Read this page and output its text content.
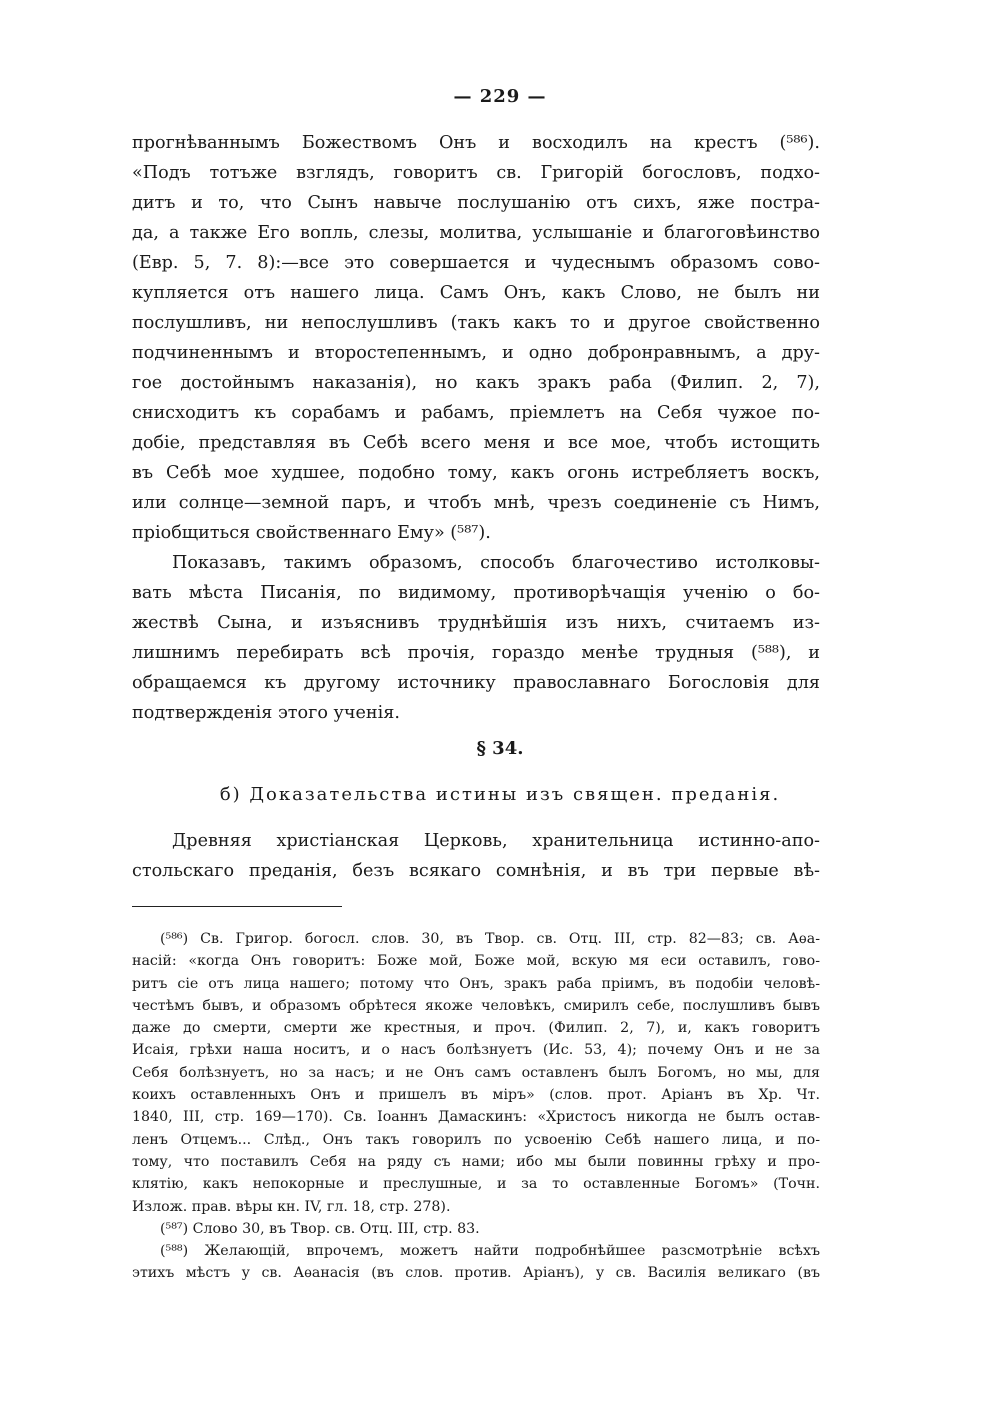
— 229 —
прогнѣваннымъ Божествомъ Онъ и восходилъ на крестъ (⁵⁸⁶).
«Подъ тотъже взглядъ, говоритъ св. Григорій богословъ, подхо-
дитъ и то, что Сынъ навыче послушанію отъ сихъ, яже пострa-
да, а также Его вопль, слезы, молитва, услышаніе и благоговѣинство
(Евр. 5, 7. 8):—все это совершается и чудеснымъ образомъ сово-
купляется отъ нашего лица. Самъ Онъ, какъ Слово, не былъ ни
послушливъ, ни непослушливъ (такъ какъ то и другое свойственно
подчиненнымъ и второстепеннымъ, и одно добронравнымъ, а дру-
гое достойнымъ наказанія), но какъ зракъ раба (Филип. 2, 7),
снисходитъ къ сорабамъ и рабамъ, пріемлетъ на Себя чужое по-
добіе, представляя въ Себѣ всего меня и все мое, чтобъ истощить
въ Себѣ мое худшее, подобно тому, какъ огонь истребляетъ воскъ,
или солнце—земной паръ, и чтобъ мнѣ, чрезъ соединеніе съ Нимъ,
пріобщиться свойственнаго Ему» (⁵⁸⁷).
Показавъ, такимъ образомъ, способъ благочестиво истолковы-
вать мѣста Писанія, по видимому, противорѣчащія ученію о бо-
жествѣ Сына, и изъяснивъ труднѣйшія изъ нихъ, считаемъ из-
лишнимъ перебирать всѣ прочія, гораздо менѣе трудныя (⁵⁸⁸), и
обращаемся къ другому источнику православнаго Богословія для
подтвержденія этого ученія.
§ 34.
б) Доказательства истины изъ священ. преданія.
Древняя христіанская Церковь, хранительница истинно-апо-
стольскаго преданія, безъ всякаго сомнѣнія, и въ три первые вѣ-
(⁵⁸⁶) Св. Григор. богосл. слов. 30, въ Твор. св. Отц. III, стр. 82—83; св. Аѳа-
насій: «когда Онъ говоритъ: Боже мой, Боже мой, вскую мя еси оставилъ, гово-
ритъ сіе отъ лица нашего; потому что Онъ, зракъ раба пріимъ, въ подобіи человѣ-
честѣмъ бывъ, и образомъ обрѣтеся якоже человѣкъ, смирилъ себе, послушливъ бывъ
даже до смерти, смерти же крестныя, и проч. (Филип. 2, 7), и, какъ говоритъ
Исаія, грѣхи наша носитъ, и о насъ болѣзнуетъ (Ис. 53, 4); почему Онъ и не за
Себя болѣзнуетъ, но за насъ; и не Онъ самъ оставленъ былъ Богомъ, но мы, для
коихъ оставленныхъ Онъ и пришелъ въ міръ» (слов. прот. Аріанъ въ Хр. Чт.
1840, III, стр. 169—170). Св. Іоаннъ Дамаскинъ: «Христосъ никогда не былъ остав-
ленъ Отцемъ... Слѣд., Онъ такъ говорилъ по усвоенію Себѣ нашего лица, и по-
тому, что поставилъ Себя на ряду съ нами; ибо мы были повинны грѣху и про-
клятію, какъ непокорные и преслушные, и за то оставленные Богомъ» (Точн.
Излож. прав. вѣры кн. IV, гл. 18, стр. 278).
(⁵⁸⁷) Слово 30, въ Твор. св. Отц. III, стр. 83.
(⁵⁸⁸) Желающій, впрочемъ, можетъ найти подробнѣйшее разсмотрѣніе всѣхъ
этихъ мѣстъ у св. Аѳанасія (въ слов. против. Аріанъ), у св. Василія великаго (въ
